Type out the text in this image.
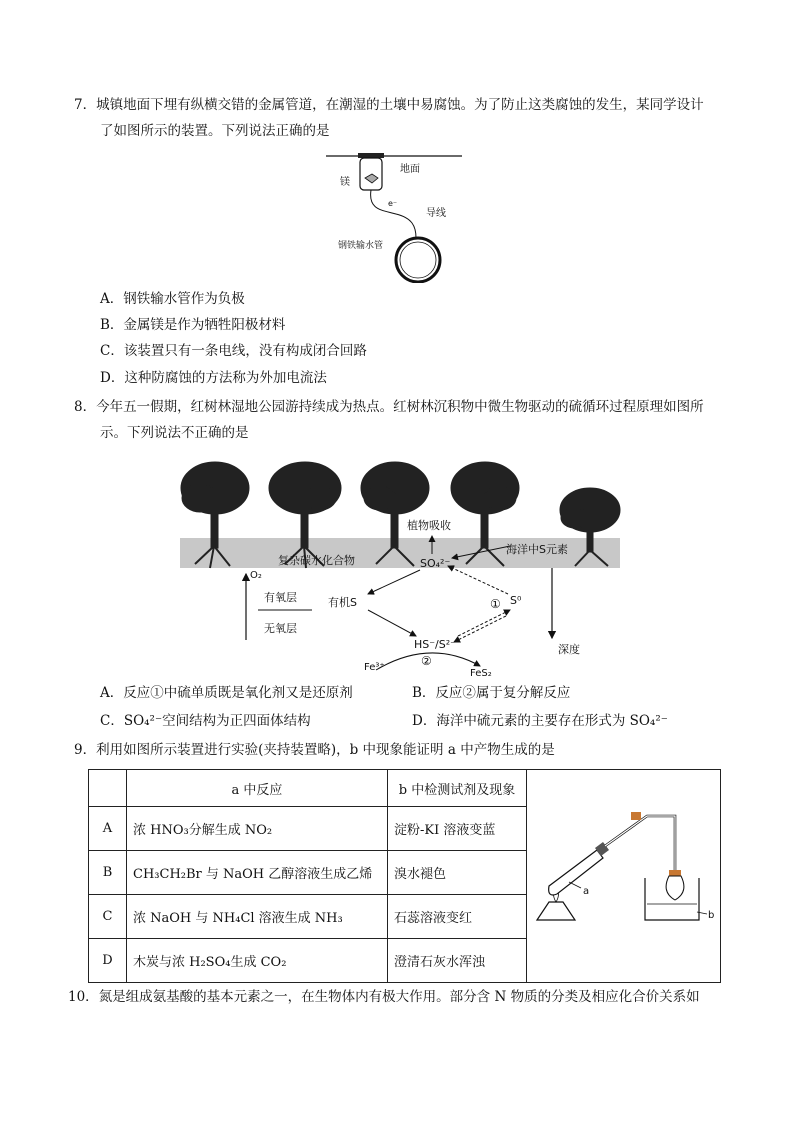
7．城镇地面下埋有纵横交错的金属管道，在潮湿的土壤中易腐蚀。为了防止这类腐蚀的发生，某同学设计
了如图所示的装置。下列说法正确的是
地面
镁
e⁻
导线
钢铁输水管
A．钢铁输水管作为负极
B．金属镁是作为牺牲阳极材料
C．该装置只有一条电线，没有构成闭合回路
D．这种防腐蚀的方法称为外加电流法
8．今年五一假期，红树林湿地公园游持续成为热点。红树林沉积物中微生物驱动的硫循环过程原理如图所
示。下列说法不正确的是
植物吸收
海洋中S元素
复杂碳水化合物	SO₄²⁻
O₂
有氧层
无氧层
有机S	① S⁰
HS⁻/S²⁻
②
Fe³⁺
FeS₂
深度
A．反应①中硫单质既是氧化剂又是还原剂	B．反应②属于复分解反应
C．SO₄²⁻空间结构为正四面体结构	D．海洋中硫元素的主要存在形式为 SO₄²⁻
9．利用如图所示装置进行实验(夹持装置略)，b 中现象能证明 a 中产物生成的是
	a 中反应	b 中检测试剂及现象	a
b

A	浓 HNO₃分解生成 NO₂	淀粉-KI 溶液变蓝	
B	CH₃CH₂Br 与 NaOH 乙醇溶液生成乙烯	溴水褪色	
C	浓 NaOH 与 NH₄Cl 溶液生成 NH₃	石蕊溶液变红	
D	木炭与浓 H₂SO₄生成 CO₂	澄清石灰水浑浊	
10．氮是组成氨基酸的基本元素之一，在生物体内有极大作用。部分含 N 物质的分类及相应化合价关系如
